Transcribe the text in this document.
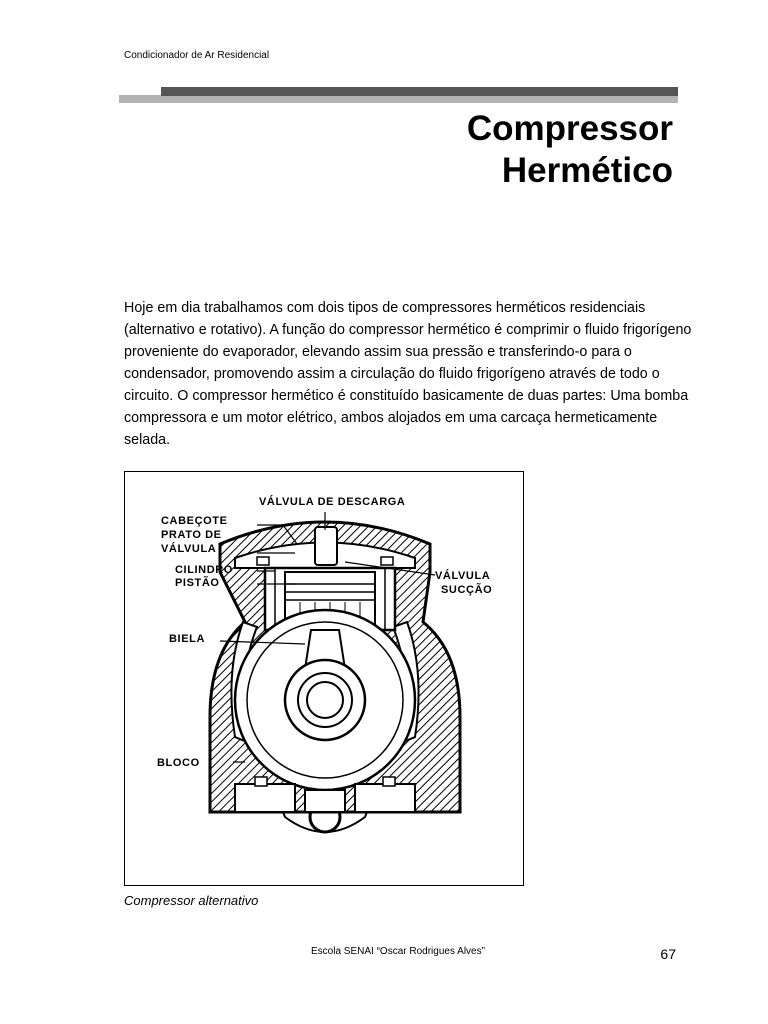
Condicionador de Ar Residencial
Compressor
Hermético

Hoje em dia trabalhamos com dois tipos de compressores herméticos residenciais (alternativo e rotativo). A função do compressor hermético é comprimir o fluido frigorígeno proveniente do evaporador, elevando assim sua pressão e transferindo-o para o condensador, promovendo assim a circulação do fluido frigorígeno através de todo o circuito. O compressor hermético é constituído basicamente de duas partes: Uma bomba compressora e um motor elétrico, ambos alojados em uma carcaça hermeticamente selada.

VÁLVULA DE DESCARGA
CABEÇOTE
PRATO DE
VÁLVULA
CILINDRO
PISTÃO
VÁLVULA
SUCÇÃO
BIELA
BLOCO
Compressor alternativo
Escola SENAI “Oscar Rodrigues Alves”	67
